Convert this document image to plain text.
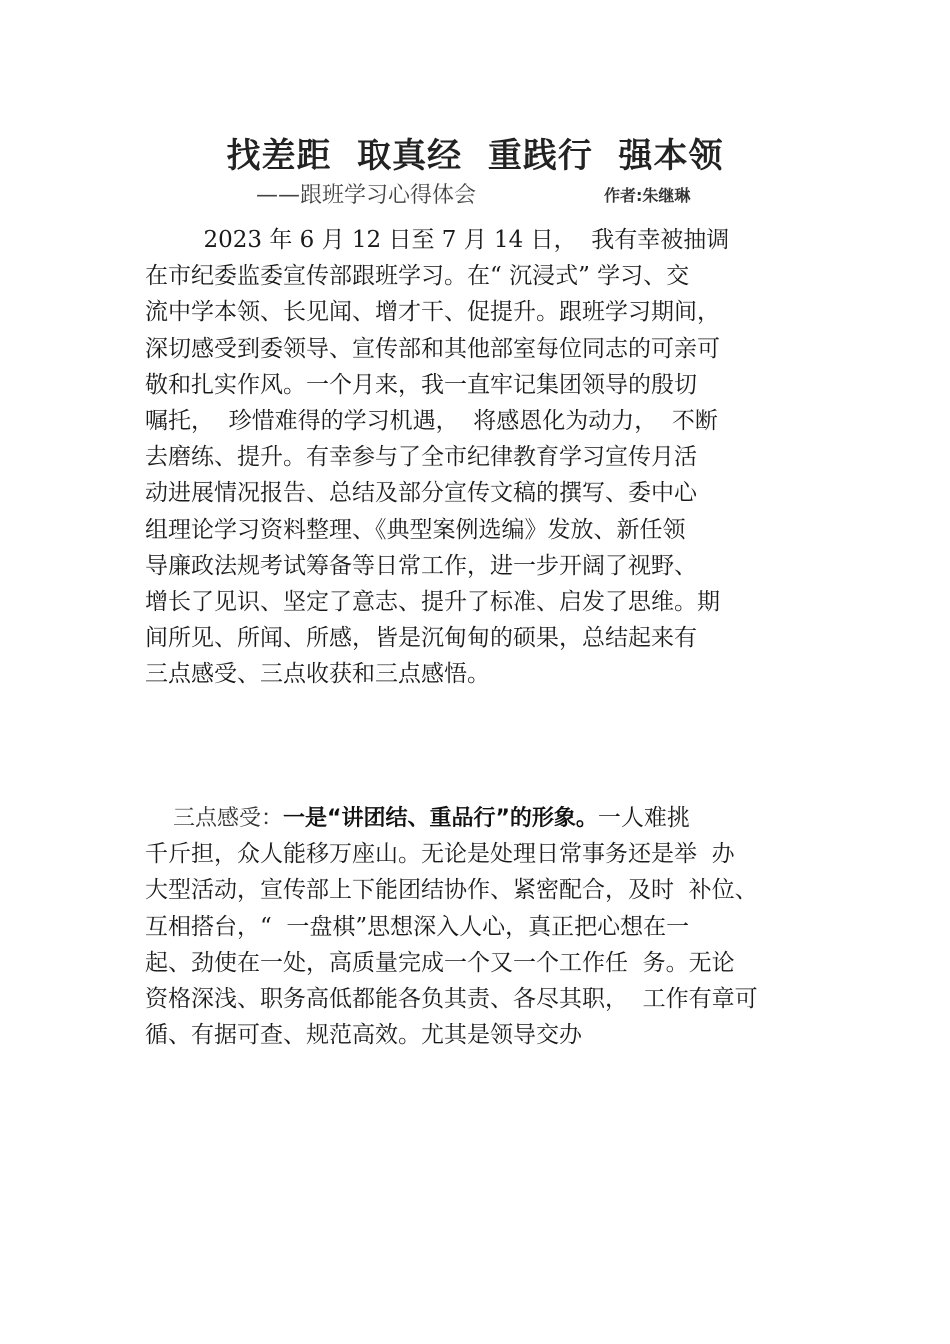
找差距  取真经  重践行  强本领
——跟班学习心得体会	作者:朱继琳
2023 年 6 月 12 日至 7 月 14 日，  我有幸被抽调
在市纪委监委宣传部跟班学习。在“ 沉浸式” 学习、交
流中学本领、长见闻、增才干、促提升。跟班学习期间，
深切感受到委领导、宣传部和其他部室每位同志的可亲可
敬和扎实作风。一个月来，我一直牢记集团领导的殷切
嘱托，  珍惜难得的学习机遇，  将感恩化为动力，  不断
去磨练、提升。有幸参与了全市纪律教育学习宣传月活
动进展情况报告、总结及部分宣传文稿的撰写、委中心
组理论学习资料整理、《典型案例选编》发放、新任领
导廉政法规考试筹备等日常工作，进一步开阔了视野、
增长了见识、坚定了意志、提升了标准、启发了思维。期
间所见、所闻、所感，皆是沉甸甸的硕果，总结起来有
三点感受、三点收获和三点感悟。
三点感受：一是“讲团结、重品行”的形象。一人难挑
千斤担，众人能移万座山。无论是处理日常事务还是举  办
大型活动，宣传部上下能团结协作、紧密配合，及时  补位、
互相搭台，“  一盘棋”思想深入人心，真正把心想在一
起、劲使在一处，高质量完成一个又一个工作任  务。无论
资格深浅、职务高低都能各负其责、各尽其职，  工作有章可
循、有据可查、规范高效。尤其是领导交办
